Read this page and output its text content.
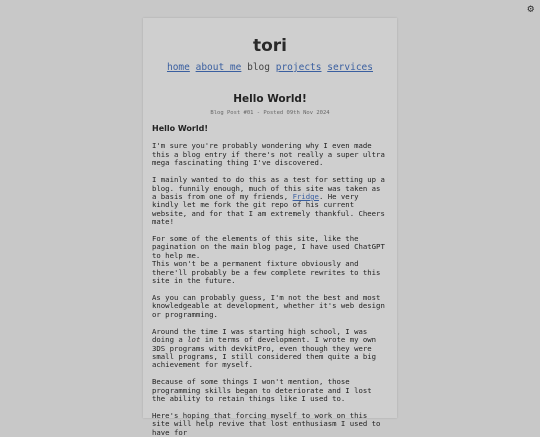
⚙
tori
home about me blog projects services
Hello World!
Blog Post #01 - Posted 09th Nov 2024
Hello World!

I'm sure you're probably wondering why I even made this a blog entry if there's not really a super ultra mega fascinating thing I've discovered.

I mainly wanted to do this as a test for setting up a blog. funnily enough, much of this site was taken as a basis from one of my friends, Fridge. He very kindly let me fork the git repo of his current website, and for that I am extremely thankful. Cheers mate!

For some of the elements of this site, like the pagination on the main blog page, I have used ChatGPT to help me.
This won't be a permanent fixture obviously and there'll probably be a few complete rewrites to this site in the future.

As you can probably guess, I'm not the best and most knowledgeable at development, whether it's web design or programming.

Around the time I was starting high school, I was doing a lot in terms of development. I wrote my own 3DS programs with devkitPro, even though they were small programs, I still considered them quite a big achievement for myself.

Because of some things I won't mention, those programming skills began to deteriorate and I lost the ability to retain things like I used to.

Here's hoping that forcing myself to work on this site will help revive that lost enthusiasm I used to have for
